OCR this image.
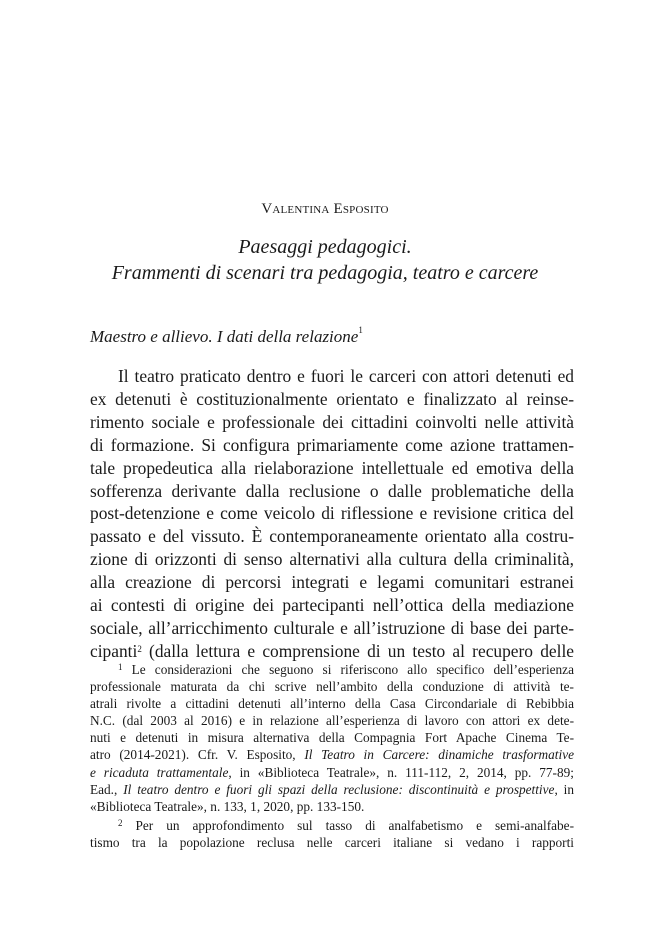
Valentina Esposito
Paesaggi pedagogici.
Frammenti di scenari tra pedagogia, teatro e carcere
Maestro e allievo. I dati della relazione$^1$
Il teatro praticato dentro e fuori le carceri con attori detenuti ed
ex detenuti è costituzionalmente orientato e finalizzato al reinse-
rimento sociale e professionale dei cittadini coinvolti nelle attività
di formazione. Si configura primariamente come azione trattamen-
tale propedeutica alla rielaborazione intellettuale ed emotiva della
sofferenza derivante dalla reclusione o dalle problematiche della
post-detenzione e come veicolo di riflessione e revisione critica del
passato e del vissuto. È contemporaneamente orientato alla costru-
zione di orizzonti di senso alternativi alla cultura della criminalità,
alla creazione di percorsi integrati e legami comunitari estranei
ai contesti di origine dei partecipanti nell’ottica della mediazione
sociale, all’arricchimento culturale e all’istruzione di base dei parte-
cipanti$^2$ (dalla lettura e comprensione di un testo al recupero delle
$^1$ Le considerazioni che seguono si riferiscono allo specifico dell’esperienza
professionale maturata da chi scrive nell’ambito della conduzione di attività te-
atrali rivolte a cittadini detenuti all’interno della Casa Circondariale di Rebibbia
N.C. (dal 2003 al 2016) e in relazione all’esperienza di lavoro con attori ex dete-
nuti e detenuti in misura alternativa della Compagnia Fort Apache Cinema Te-
atro (2014-2021). Cfr. V. Esposito, Il Teatro in Carcere: dinamiche trasformative
e ricaduta trattamentale, in «Biblioteca Teatrale», n. 111-112, 2, 2014, pp. 77-89;
Ead., Il teatro dentro e fuori gli spazi della reclusione: discontinuità e prospettive, in
«Biblioteca Teatrale», n. 133, 1, 2020, pp. 133-150.
$^2$ Per un approfondimento sul tasso di analfabetismo e semi-analfabe-
tismo tra la popolazione reclusa nelle carceri italiane si vedano i rapporti
